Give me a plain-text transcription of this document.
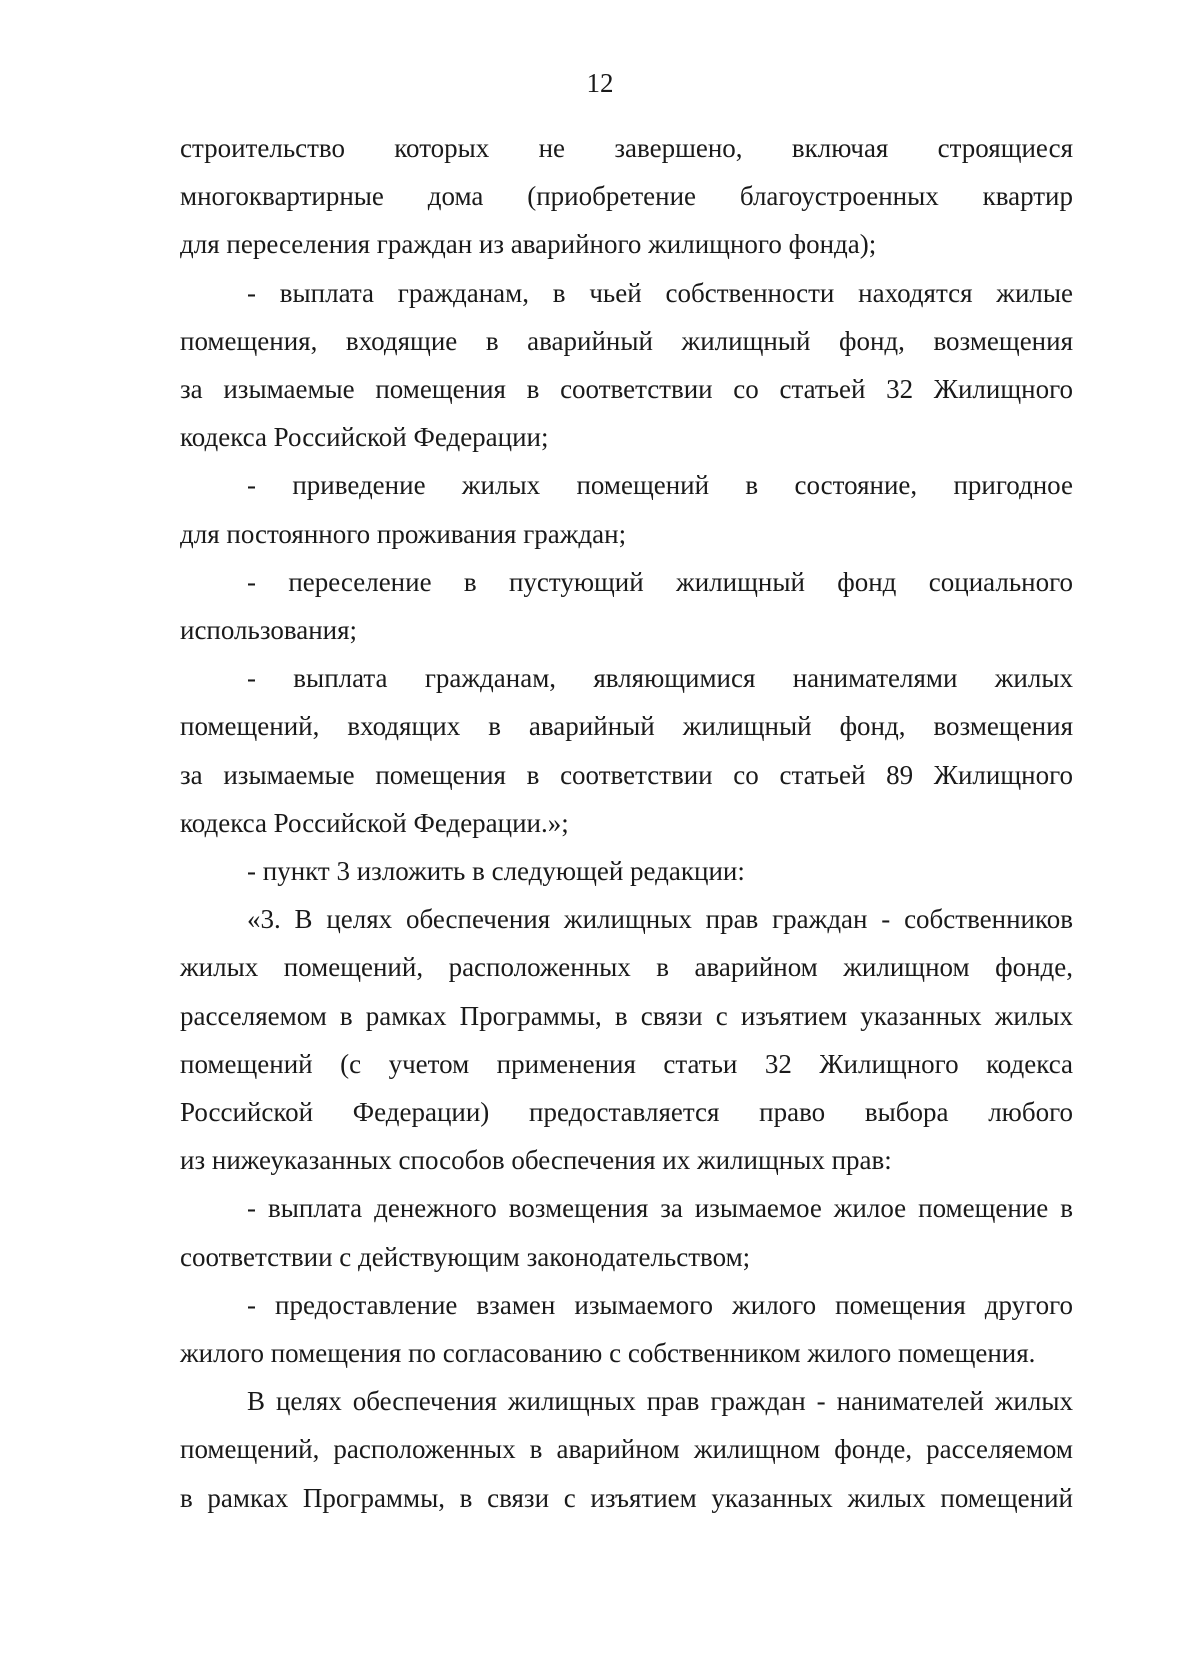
12

строительство которых не завершено, включая строящиеся

многоквартирные дома (приобретение благоустроенных квартир

для переселения граждан из аварийного жилищного фонда);

- выплата гражданам, в чьей собственности находятся жилые

помещения, входящие в аварийный жилищный фонд, возмещения

за изымаемые помещения в соответствии со статьей 32 Жилищного

кодекса Российской Федерации;

- приведение жилых помещений в состояние, пригодное

для постоянного проживания граждан;

- переселение в пустующий жилищный фонд социального

использования;

- выплата гражданам, являющимися нанимателями жилых

помещений, входящих в аварийный жилищный фонд, возмещения

за изымаемые помещения в соответствии со статьей 89 Жилищного

кодекса Российской Федерации.»;

- пункт 3 изложить в следующей редакции:

«3. В целях обеспечения жилищных прав граждан - собственников

жилых помещений, расположенных в аварийном жилищном фонде,

расселяемом в рамках Программы, в связи с изъятием указанных жилых

помещений (с учетом применения статьи 32 Жилищного кодекса

Российской Федерации) предоставляется право выбора любого

из нижеуказанных способов обеспечения их жилищных прав:

- выплата денежного возмещения за изымаемое жилое помещение в

соответствии с действующим законодательством;

- предоставление взамен изымаемого жилого помещения другого

жилого помещения по согласованию с собственником жилого помещения.

В целях обеспечения жилищных прав граждан - нанимателей жилых

помещений, расположенных в аварийном жилищном фонде, расселяемом

в рамках Программы, в связи с изъятием указанных жилых помещений
